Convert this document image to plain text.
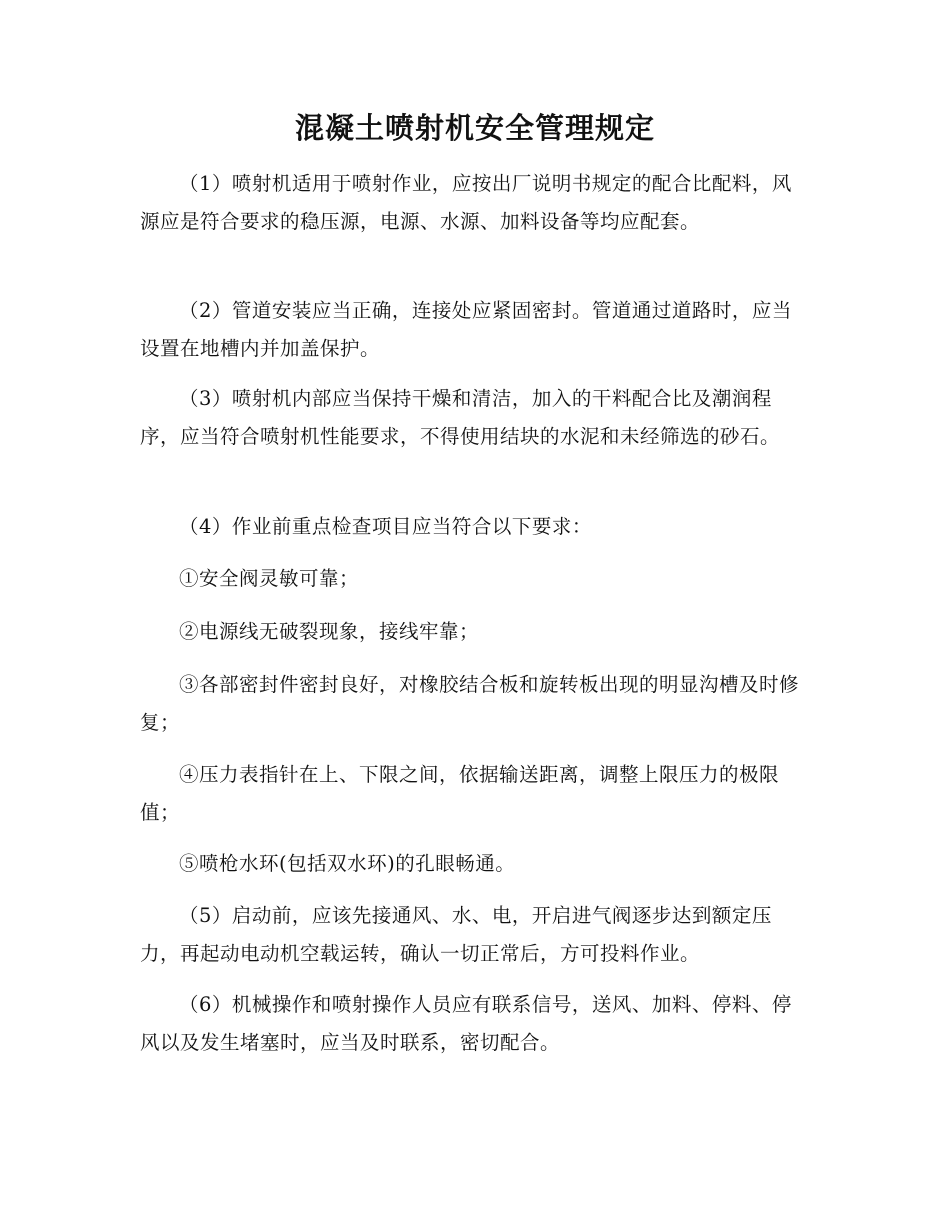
混凝土喷射机安全管理规定

（1）喷射机适用于喷射作业，应按出厂说明书规定的配合比配料，风源应是符合要求的稳压源，电源、水源、加料设备等均应配套。

（2）管道安装应当正确，连接处应紧固密封。管道通过道路时，应当设置在地槽内并加盖保护。

（3）喷射机内部应当保持干燥和清洁，加入的干料配合比及潮润程序，应当符合喷射机性能要求，不得使用结块的水泥和未经筛选的砂石。

（4）作业前重点检查项目应当符合以下要求：

①安全阀灵敏可靠；

②电源线无破裂现象，接线牢靠；

③各部密封件密封良好，对橡胶结合板和旋转板出现的明显沟槽及时修复；

④压力表指针在上、下限之间，依据输送距离，调整上限压力的极限值；

⑤喷枪水环(包括双水环)的孔眼畅通。

（5）启动前，应该先接通风、水、电，开启进气阀逐步达到额定压力，再起动电动机空载运转，确认一切正常后，方可投料作业。

（6）机械操作和喷射操作人员应有联系信号，送风、加料、停料、停风以及发生堵塞时，应当及时联系，密切配合。
